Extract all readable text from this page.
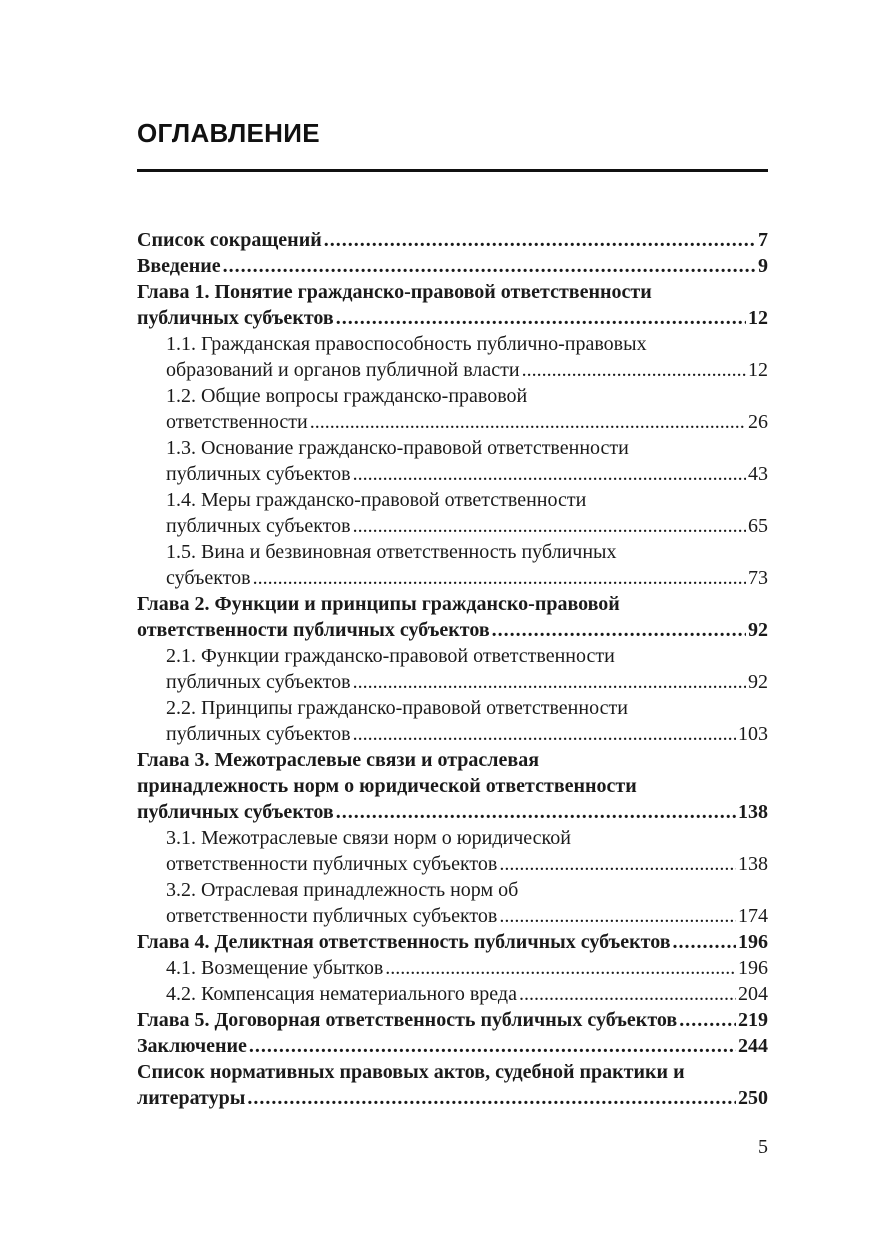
ОГЛАВЛЕНИЕ
Список сокращений .....	7
Введение .....	9
Глава 1. Понятие гражданско-правовой ответственности
публичных субъектов .....	12
1.1. Гражданская правоспособность публично-правовых
образований и органов публичной власти .....	12
1.2. Общие вопросы гражданско-правовой
ответственности .....	26
1.3. Основание гражданско-правовой ответственности
публичных субъектов .....	43
1.4. Меры гражданско-правовой ответственности
публичных субъектов .....	65
1.5. Вина и безвиновная ответственность публичных
субъектов .....	73
Глава 2. Функции и принципы гражданско-правовой
ответственности публичных субъектов .....	92
2.1. Функции гражданско-правовой ответственности
публичных субъектов .....	92
2.2. Принципы гражданско-правовой ответственности
публичных субъектов .....	103
Глава 3. Межотраслевые связи и отраслевая
принадлежность норм о юридической ответственности
публичных субъектов .....	138
3.1. Межотраслевые связи норм о юридической
ответственности публичных субъектов .....	138
3.2. Отраслевая принадлежность норм об
ответственности публичных субъектов .....	174
Глава 4. Деликтная ответственность публичных субъектов .....	196
4.1. Возмещение убытков .....	196
4.2. Компенсация нематериального вреда .....	204
Глава 5. Договорная ответственность публичных субъектов .....	219
Заключение .....	244
Список нормативных правовых актов, судебной практики и
литературы .....	250
5
